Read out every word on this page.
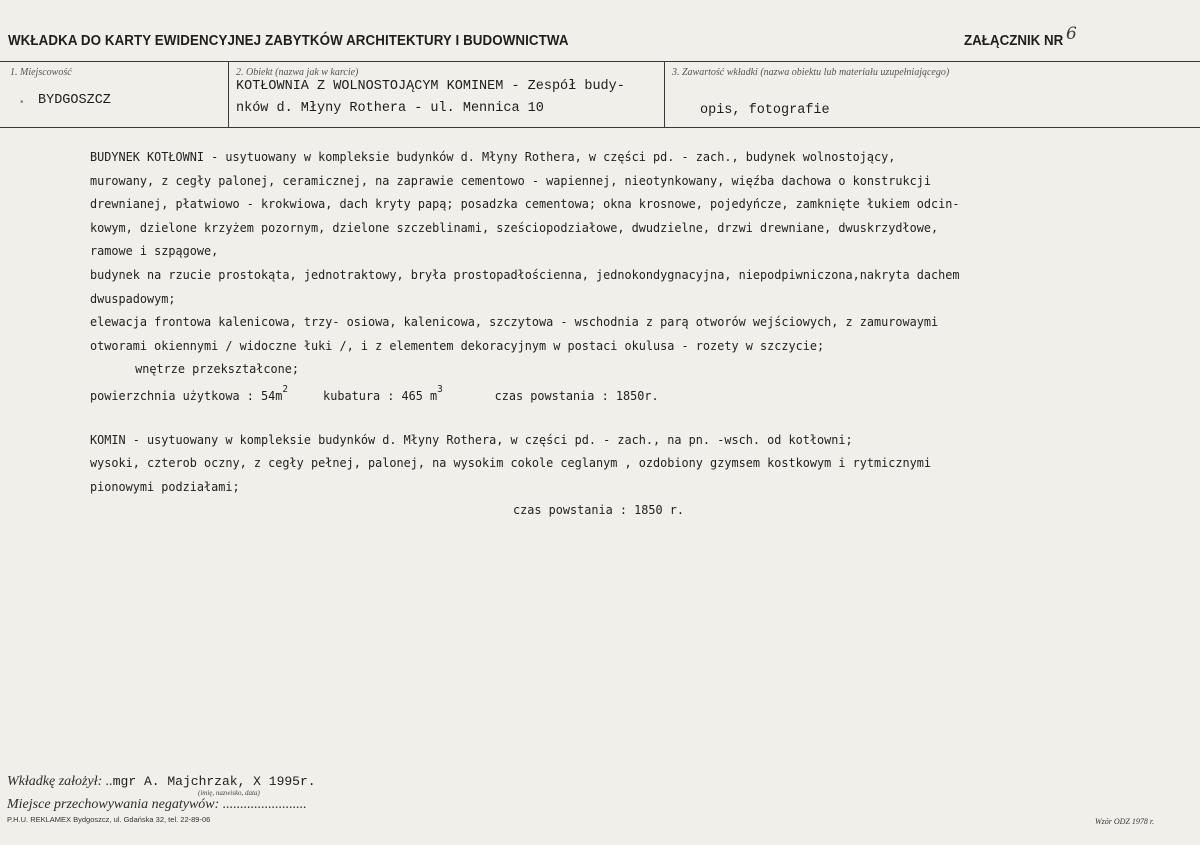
WKŁADKA DO KARTY EWIDENCYJNEJ ZABYTKÓW ARCHITEKTURY I BUDOWNICTWA	ZAŁĄCZNIK NR 6
1. Miejscowość
• BYDGOSZCZ
2. Obiekt (nazwa jak w karcie)
KOTŁOWNIA Z WOLNOSTOJĄCYM KOMINEM - Zespół budy-
nków d. Młyny Rothera - ul. Mennica 10
3. Zawartość wkładki (nazwa obiektu lub materiału uzupełniającego)
opis, fotografie
BUDYNEK KOTŁOWNI - usytuowany w kompleksie budynków d. Młyny Rothera, w części pd. - zach., budynek wolnostojący,
murowany, z cegły palonej, ceramicznej, na zaprawie cementowo - wapiennej, nieotynkowany, więźba dachowa o konstrukcji
drewnianej, płatwiowo - krokwiowa, dach kryty papą; posadzka cementowa; okna krosnowe, pojedyńcze, zamknięte łukiem odcin-
kowym, dzielone krzyżem pozornym, dzielone szczeblinami, sześciopodziałowe, dwudzielne, drzwi drewniane, dwuskrzydłowe,
ramowe i szpągowe,
budynek na rzucie prostokąta, jednotraktowy, bryła prostopadłościenna, jednokondygnacyjna, niepodpiwniczona,nakryta dachem
dwuspadowym;
elewacja frontowa kalenicowa, trzy- osiowa, kalenicowa, szczytowa - wschodnia z parą otworów wejściowych, z zamurowaymi
otworami okiennymi / widoczne łuki /, i z elementem dekoracyjnym w postaci okulusa - rozety w szczycie;
wnętrze przekształcone;
powierzchnia użytkowa : $54m^2$	kubatura : 465 $m^3$	czas powstania : 1850r.
KOMIN - usytuowany w kompleksie budynków d. Młyny Rothera, w części pd. - zach., na pn. -wsch. od kotłowni;
wysoki, czterob oczny, z cegły pełnej, palonej, na wysokim cokole ceglanym , ozdobiony gzymsem kostkowym i rytmicznymi
pionowymi podziałami;
czas powstania : 1850 r.
Wkładkę założył: ..mgr A. Majchrzak, X 1995r.
(imię, nazwisko, data)
Miejsce przechowywania negatywów: ........................
P.H.U. REKLAMEX Bydgoszcz, ul. Gdańska 32, tel. 22-89-06	Wzór ODZ 1978 r.
